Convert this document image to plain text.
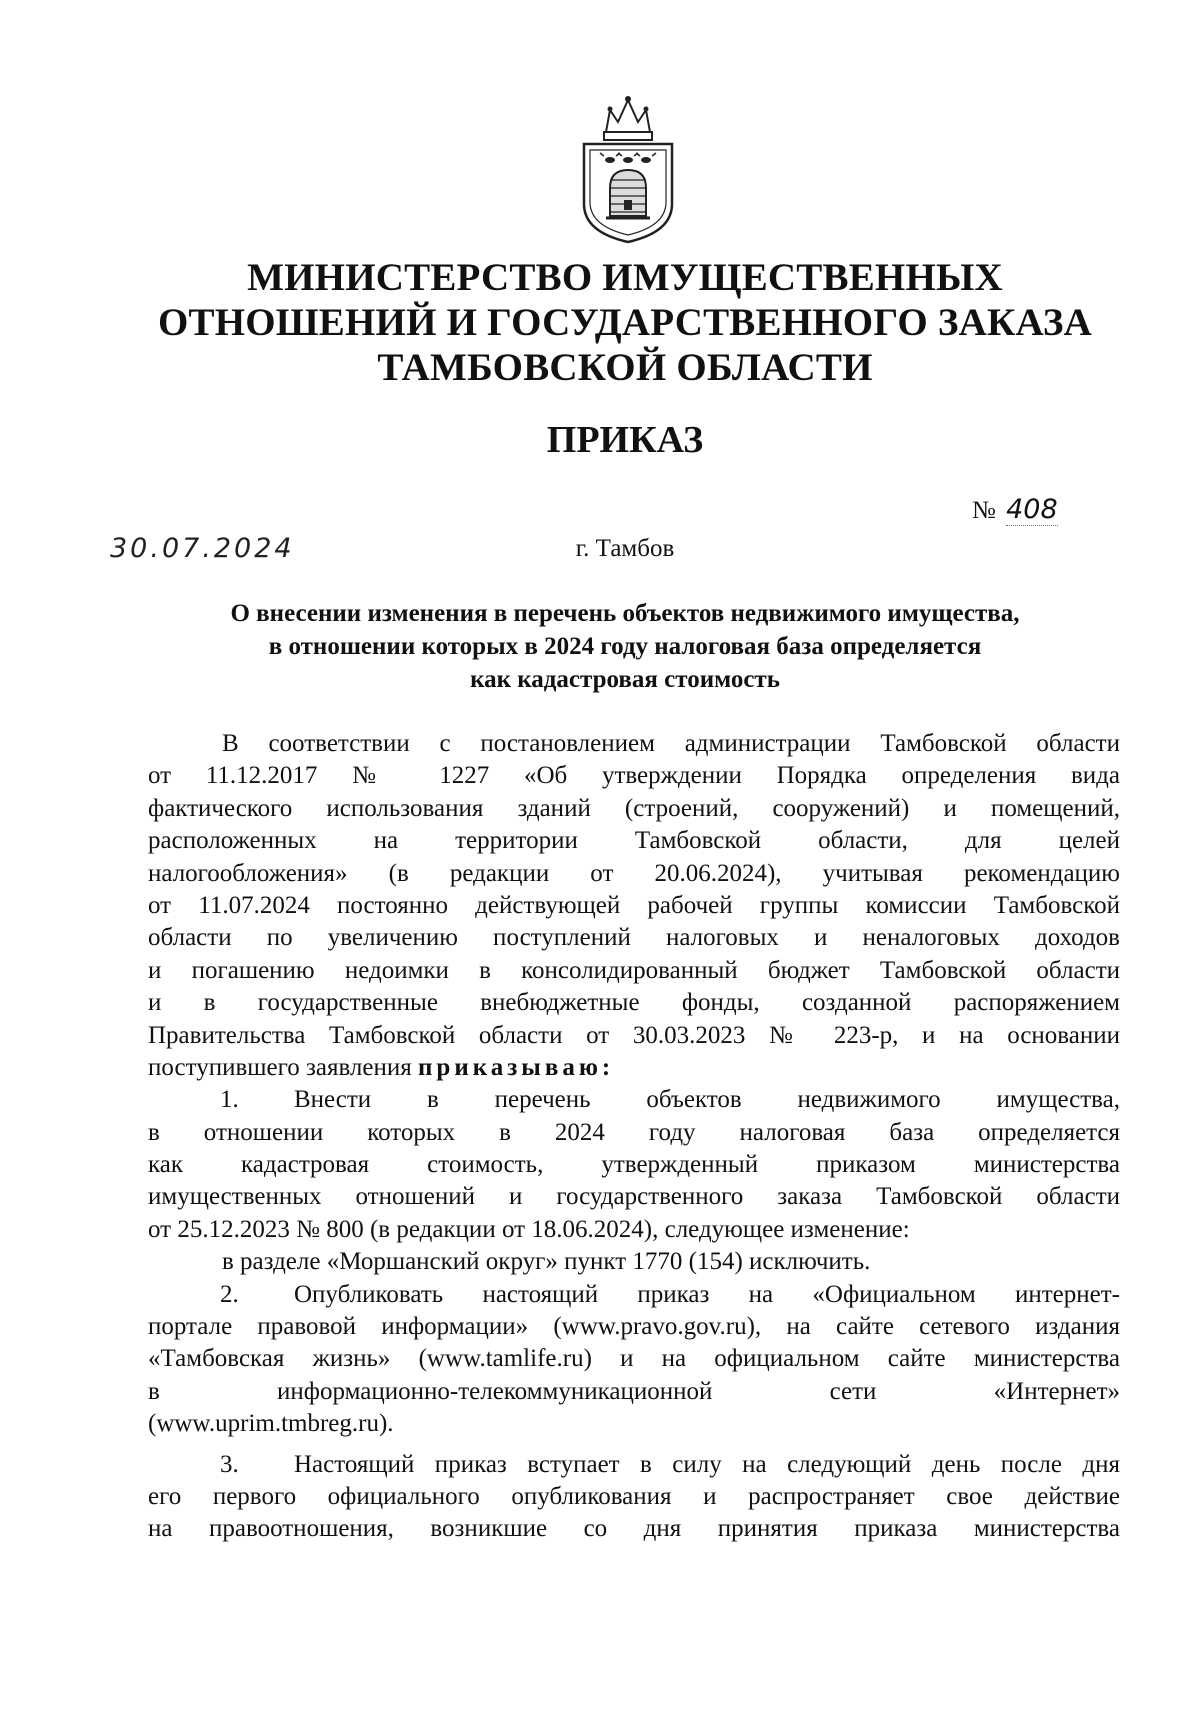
МИНИСТЕРСТВО ИМУЩЕСТВЕННЫХ
ОТНОШЕНИЙ И ГОСУДАРСТВЕННОГО ЗАКАЗА
ТАМБОВСКОЙ ОБЛАСТИ
ПРИКАЗ
№ 408
30.07.2024	г. Тамбов
О внесении изменения в перечень объектов недвижимого имущества,
в отношении которых в 2024 году налоговая база определяется
как кадастровая стоимость
В соответствии с постановлением администрации Тамбовской области
от 11.12.2017 № 1227 «Об утверждении Порядка определения вида
фактического использования зданий (строений, сооружений) и помещений,
расположенных на территории Тамбовской области, для целей
налогообложения» (в редакции от 20.06.2024), учитывая рекомендацию
от 11.07.2024 постоянно действующей рабочей группы комиссии Тамбовской
области по увеличению поступлений налоговых и неналоговых доходов
и погашению недоимки в консолидированный бюджет Тамбовской области
и в государственные внебюджетные фонды, созданной распоряжением
Правительства Тамбовской области от 30.03.2023 № 223-р, и на основании
поступившего заявления приказываю:
1. Внести в перечень объектов недвижимого имущества,
в отношении которых в 2024 году налоговая база определяется
как кадастровая стоимость, утвержденный приказом министерства
имущественных отношений и государственного заказа Тамбовской области
от 25.12.2023 № 800 (в редакции от 18.06.2024), следующее изменение:
в разделе «Моршанский округ» пункт 1770 (154) исключить.
2. Опубликовать настоящий приказ на «Официальном интернет-
портале правовой информации» (www.pravo.gov.ru), на сайте сетевого издания
«Тамбовская жизнь» (www.tamlife.ru) и на официальном сайте министерства
в информационно-телекоммуникационной сети «Интернет»
(www.uprim.tmbreg.ru).
3. Настоящий приказ вступает в силу на следующий день после дня
его первого официального опубликования и распространяет свое действие
на правоотношения, возникшие со дня принятия приказа министерства
